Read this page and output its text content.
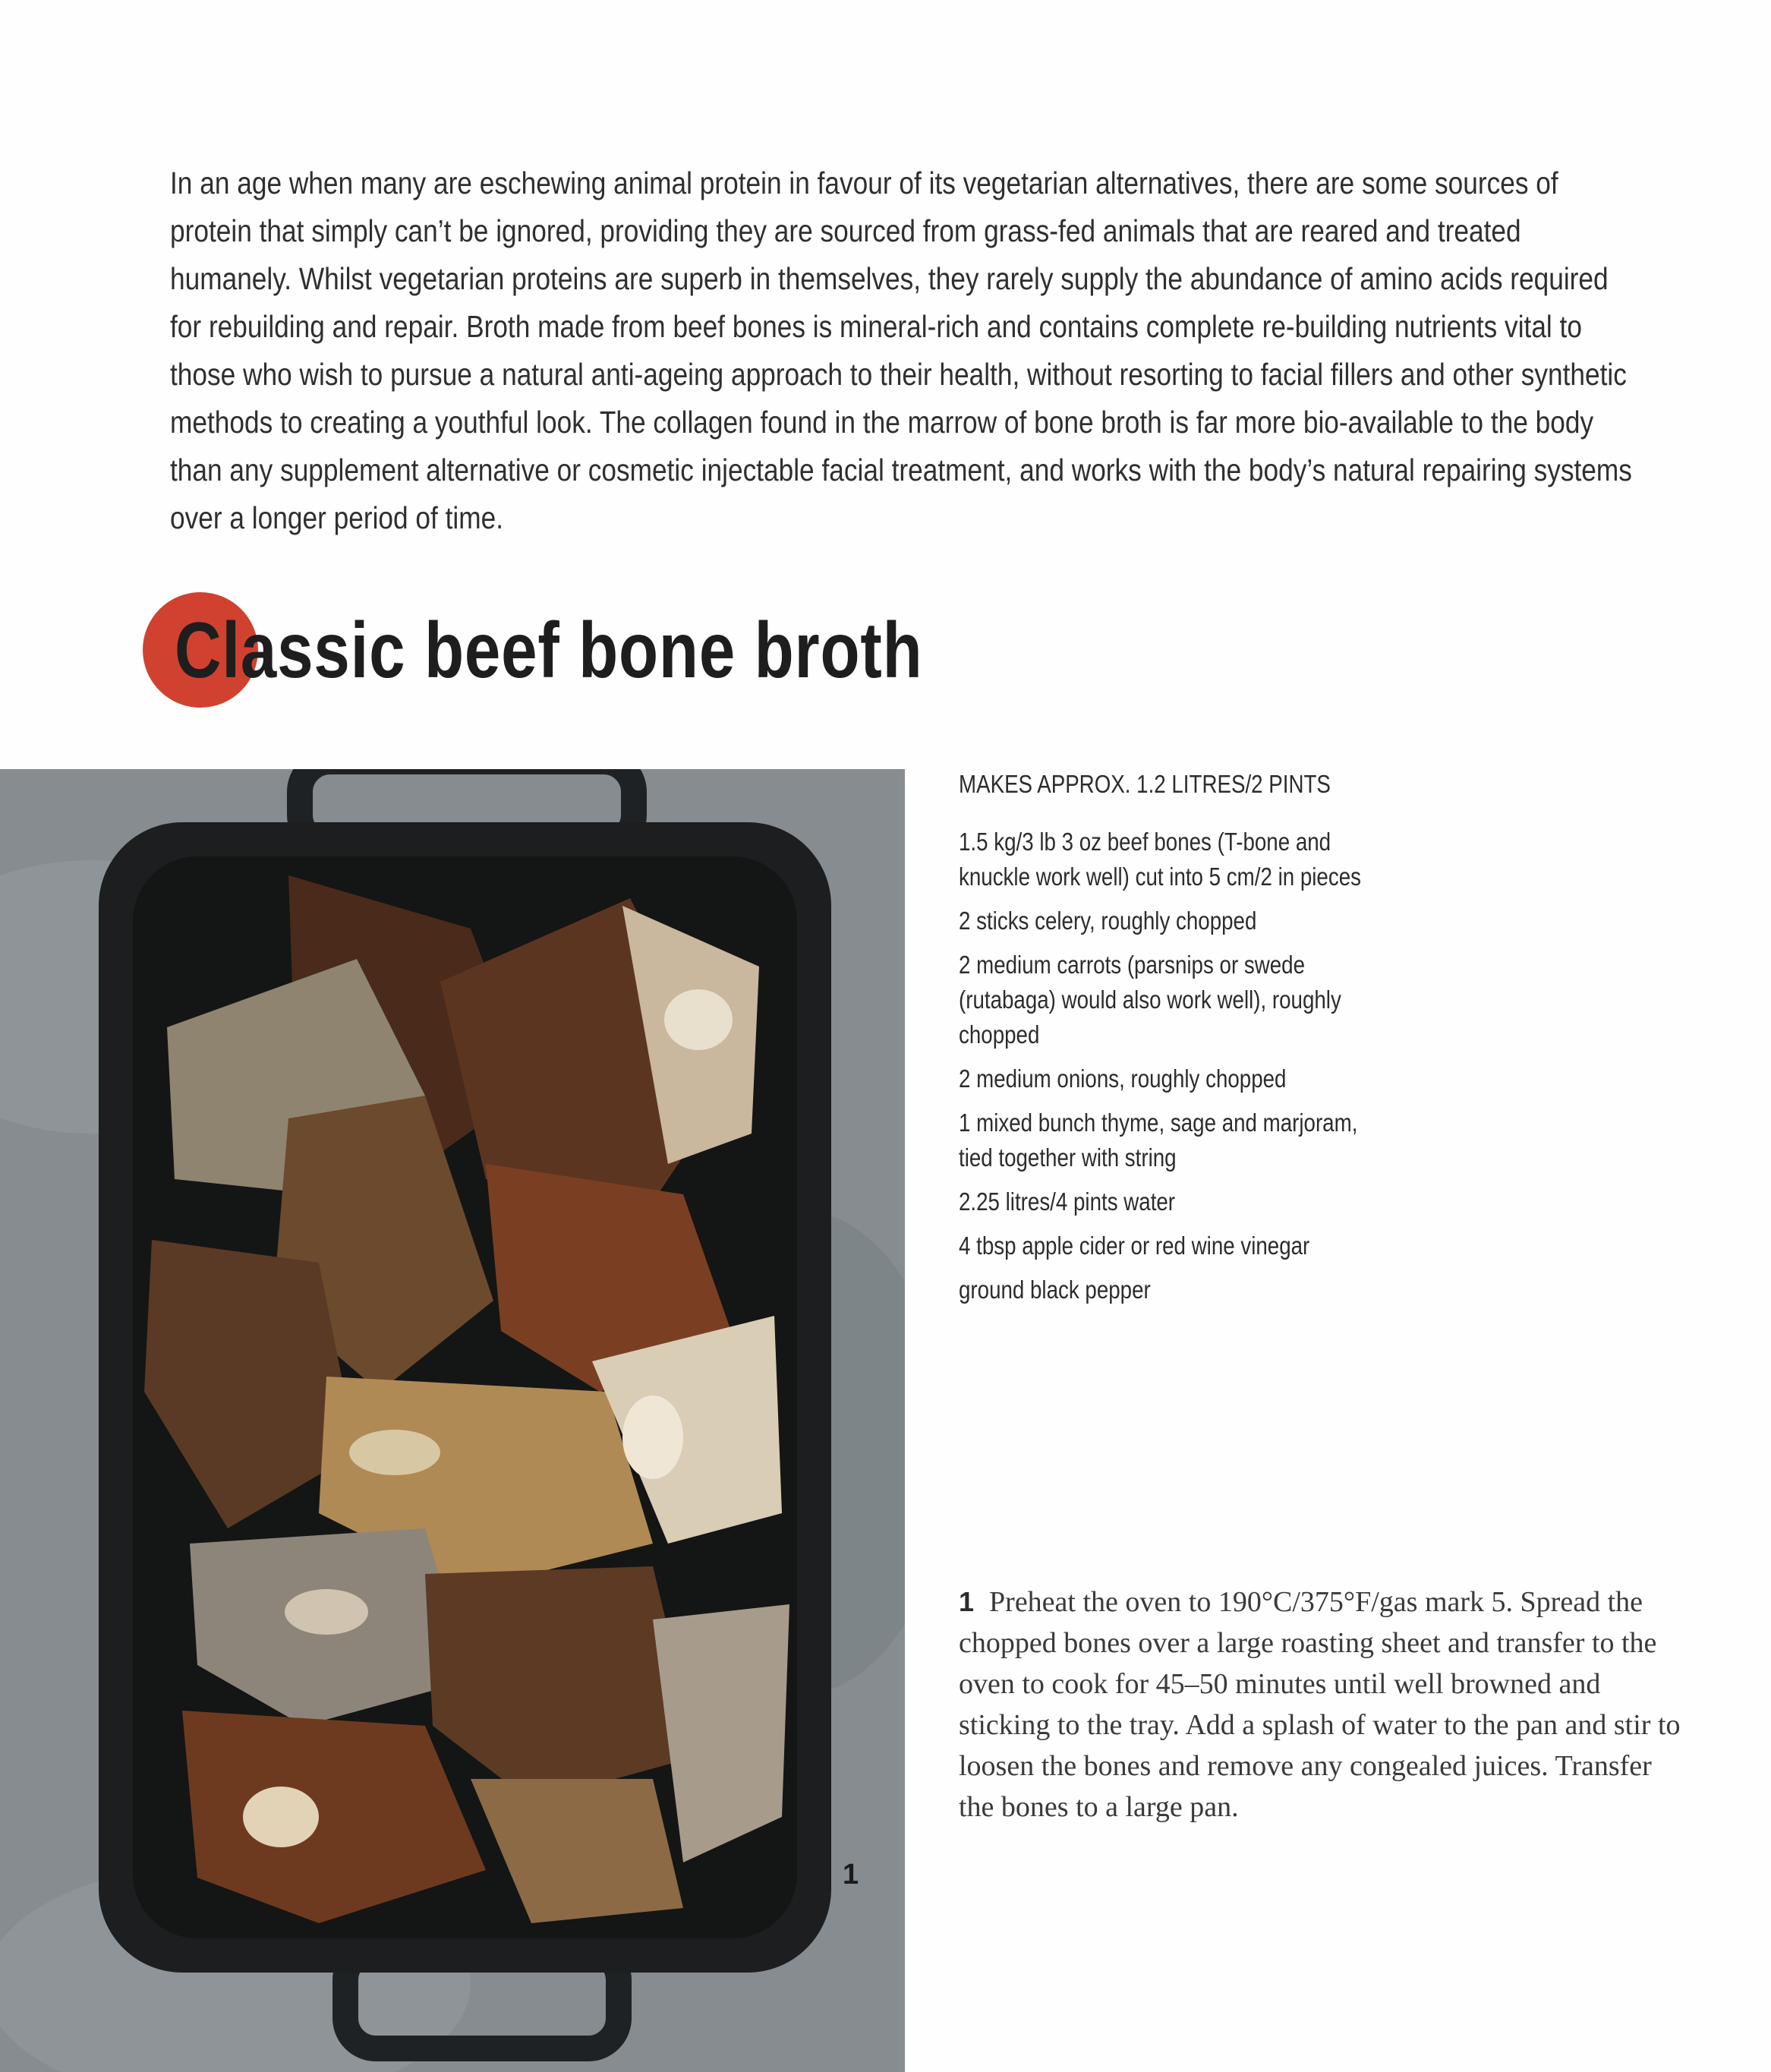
In an age when many are eschewing animal protein in favour of its vegetarian alternatives, there are some sources of protein that simply can’t be ignored, providing they are sourced from grass-fed animals that are reared and treated humanely. Whilst vegetarian proteins are superb in themselves, they rarely supply the abundance of amino acids required for rebuilding and repair. Broth made from beef bones is mineral-rich and contains complete re-building nutrients vital to those who wish to pursue a natural anti-ageing approach to their health, without resorting to facial fillers and other synthetic methods to creating a youthful look. The collagen found in the marrow of bone broth is far more bio-available to the body than any supplement alternative or cosmetic injectable facial treatment, and works with the body’s natural repairing systems over a longer period of time.

Classic beef bone broth
1

MAKES APPROX. 1.2 LITRES/2 PINTS

1.5 kg/3 lb 3 oz beef bones (T-bone and knuckle work well) cut into 5 cm/2 in pieces
2 sticks celery, roughly chopped
2 medium carrots (parsnips or swede (rutabaga) would also work well), roughly chopped
2 medium onions, roughly chopped
1 mixed bunch thyme, sage and marjoram, tied together with string
2.25 litres/4 pints water
4 tbsp apple cider or red wine vinegar
ground black pepper

1 Preheat the oven to 190°C/375°F/gas mark 5. Spread the chopped bones over a large roasting sheet and transfer to the oven to cook for 45–50 minutes until well browned and sticking to the tray. Add a splash of water to the pan and stir to loosen the bones and remove any congealed juices. Transfer the bones to a large pan.
